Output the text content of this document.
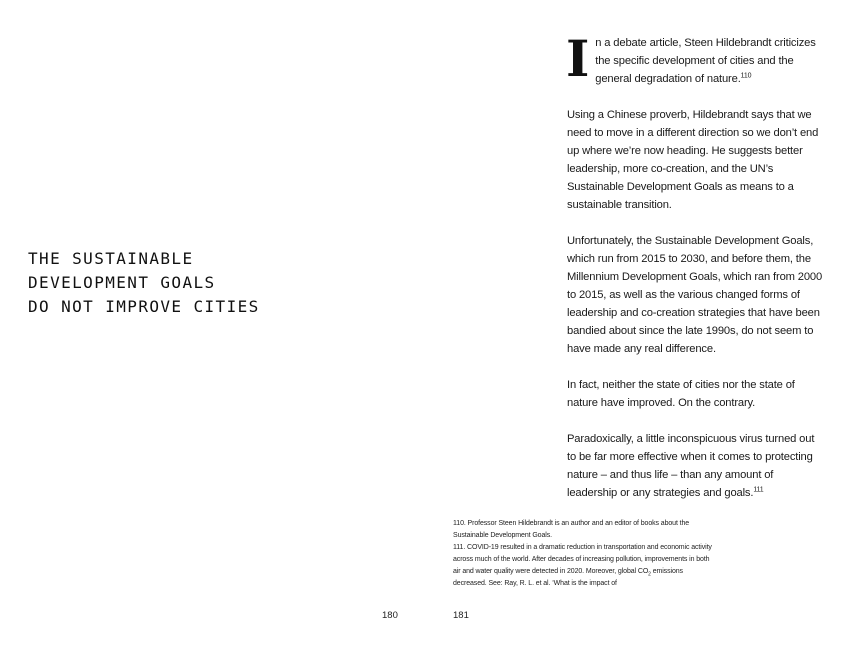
THE SUSTAINABLE
DEVELOPMENT GOALS
DO NOT IMPROVE CITIES
180

In a debate article, Steen Hildebrandt criticizes the specific development of cities and the general degradation of nature.$^{110}$

Using a Chinese proverb, Hildebrandt says that we need to move in a different direction so we don’t end up where we’re now heading. He suggests better leadership, more co-creation, and the UN’s Sustainable Development Goals as means to a sustainable transition.

Unfortunately, the Sustainable Development Goals, which run from 2015 to 2030, and before them, the Millennium Development Goals, which ran from 2000 to 2015, as well as the various changed forms of leadership and co-creation strategies that have been bandied about since the late 1990s, do not seem to have made any real difference.

In fact, neither the state of cities nor the state of nature have improved. On the contrary.

Paradoxically, a little inconspicuous virus turned out to be far more effective when it comes to protecting nature – and thus life – than any amount of leadership or any strategies and goals.$^{111}$

110. Professor Steen Hildebrandt is an author and an editor of books about the Sustainable Development Goals.
111. COVID-19 resulted in a dramatic reduction in transportation and economic activity across much of the world. After decades of increasing pollution, improvements in both air and water quality were detected in 2020. Moreover, global $CO_2$ emissions decreased. See: Ray, R. L. et al. ‘What is the impact of
181
